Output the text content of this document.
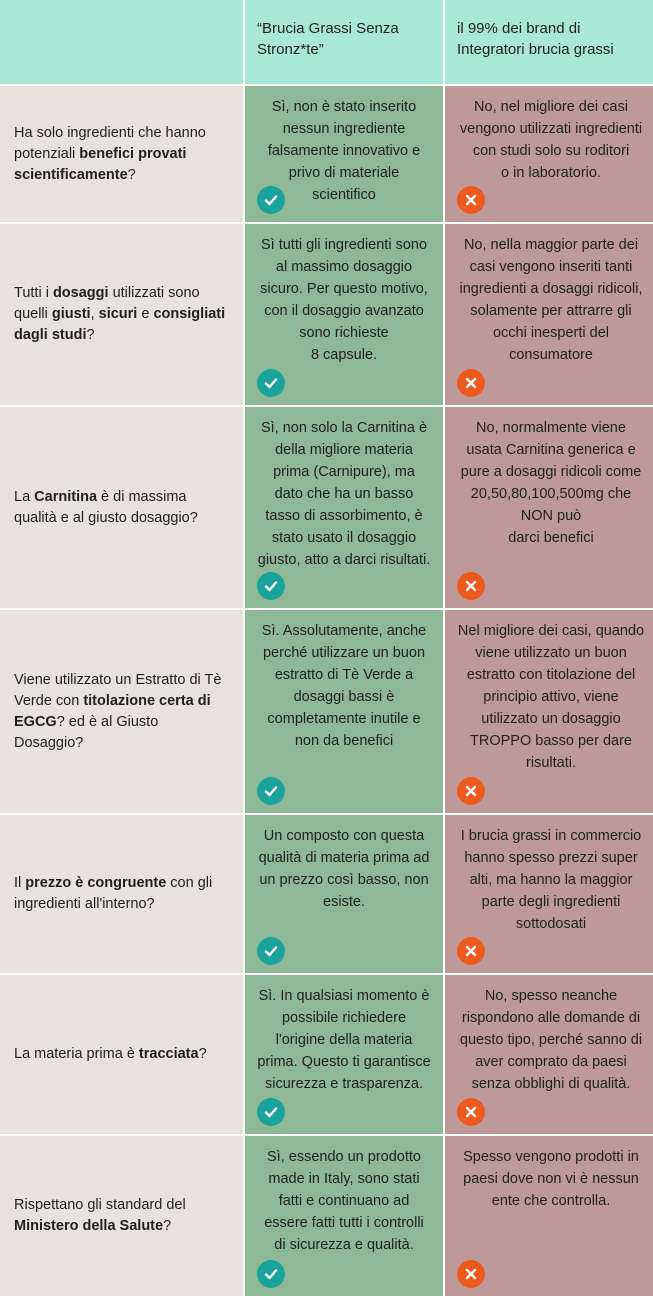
“Brucia Grassi Senza Stronz*te”
il 99% dei brand di Integratori brucia grassi
Ha solo ingredienti che hanno potenziali benefici provati scientificamente?
Sì, non è stato inserito nessun ingrediente falsamente innovativo e privo di materiale scientifico
No, nel migliore dei casi vengono utilizzati ingredienti con studi solo su roditori
o in laboratorio.
Tutti i dosaggi utilizzati sono quelli giusti, sicuri e consigliati dagli studi?
Sì tutti gli ingredienti sono al massimo dosaggio sicuro. Per questo motivo, con il dosaggio avanzato sono richieste
8 capsule.
No, nella maggior parte dei casi vengono inseriti tanti ingredienti a dosaggi ridicoli, solamente per attrarre gli occhi inesperti del consumatore
La Carnitina è di massima qualità e al giusto dosaggio?
Sì, non solo la Carnitina è della migliore materia prima (Carnipure), ma dato che ha un basso tasso di assorbimento, è stato usato il dosaggio giusto, atto a darci risultati.
No, normalmente viene usata Carnitina generica e pure a dosaggi ridicoli come 20,50,80,100,500mg che NON può
darci benefici
Viene utilizzato un Estratto di Tè Verde con titolazione certa di EGCG? ed è al Giusto Dosaggio?
Sì. Assolutamente, anche perché utilizzare un buon estratto di Tè Verde a dosaggi bassi è completamente inutile e non da benefici
Nel migliore dei casi, quando viene utilizzato un buon estratto con titolazione del principio attivo, viene utilizzato un dosaggio TROPPO basso per dare risultati.
Il prezzo è congruente con gli ingredienti all'interno?
Un composto con questa qualità di materia prima ad un prezzo così basso, non esiste.
I brucia grassi in commercio hanno spesso prezzi super alti, ma hanno la maggior parte degli ingredienti sottodosati
La materia prima è tracciata?
Sì. In qualsiasi momento è possibile richiedere l'origine della materia prima. Questo ti garantisce sicurezza e trasparenza.
No, spesso neanche rispondono alle domande di questo tipo, perché sanno di aver comprato da paesi senza obblighi di qualità.
Rispettano gli standard del Ministero della Salute?
Sì, essendo un prodotto made in Italy, sono stati fatti e continuano ad essere fatti tutti i controlli di sicurezza e qualità.
Spesso vengono prodotti in paesi dove non vi è nessun ente che controlla.
